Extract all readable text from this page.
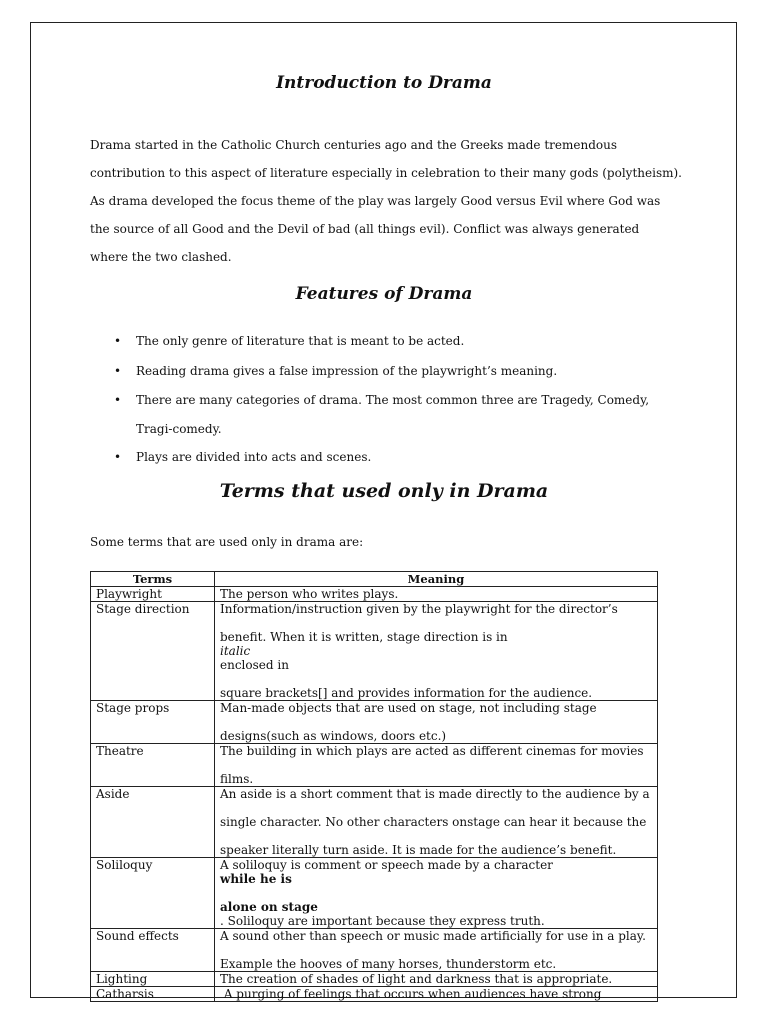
Introduction to Drama

Drama started in the Catholic Church centuries ago and the Greeks made tremendous
contribution to this aspect of literature especially in celebration to their many gods (polytheism).
As drama developed the focus theme of the play was largely Good versus Evil where God was
the source of all Good and the Devil of bad (all things evil). Conflict was always generated
where the two clashed.

Features of Drama
• The only genre of literature that is meant to be acted.
• Reading drama gives a false impression of the playwright’s meaning.
• There are many categories of drama. The most common three are Tragedy, Comedy,
Tragi-comedy.
• Plays are divided into acts and scenes.
Terms that used only in Drama
Some terms that are used only in drama are:
Terms	Meaning
Playwright	The person who writes plays.
Stage direction	Information/instruction given by the playwright for the director’s
benefit. When it is written, stage direction is in
italic
enclosed in
square brackets[] and provides information for the audience.

Stage props	Man-made objects that are used on stage, not including stage
designs(such as windows, doors etc.)

Theatre	The building in which plays are acted as different cinemas for movies
films.

Aside	An aside is a short comment that is made directly to the audience by a
single character. No other characters onstage can hear it because the
speaker literally turn aside. It is made for the audience’s benefit.

Soliloquy	A soliloquy is comment or speech made by a character
while he is
alone on stage
. Soliloquy are important because they express truth.

Sound effects	A sound other than speech or music made artificially for use in a play.
Example the hooves of many horses, thunderstorm etc.

Lighting	The creation of shades of light and darkness that is appropriate.
Catharsis	A purging of feelings that occurs when audiences have strong
